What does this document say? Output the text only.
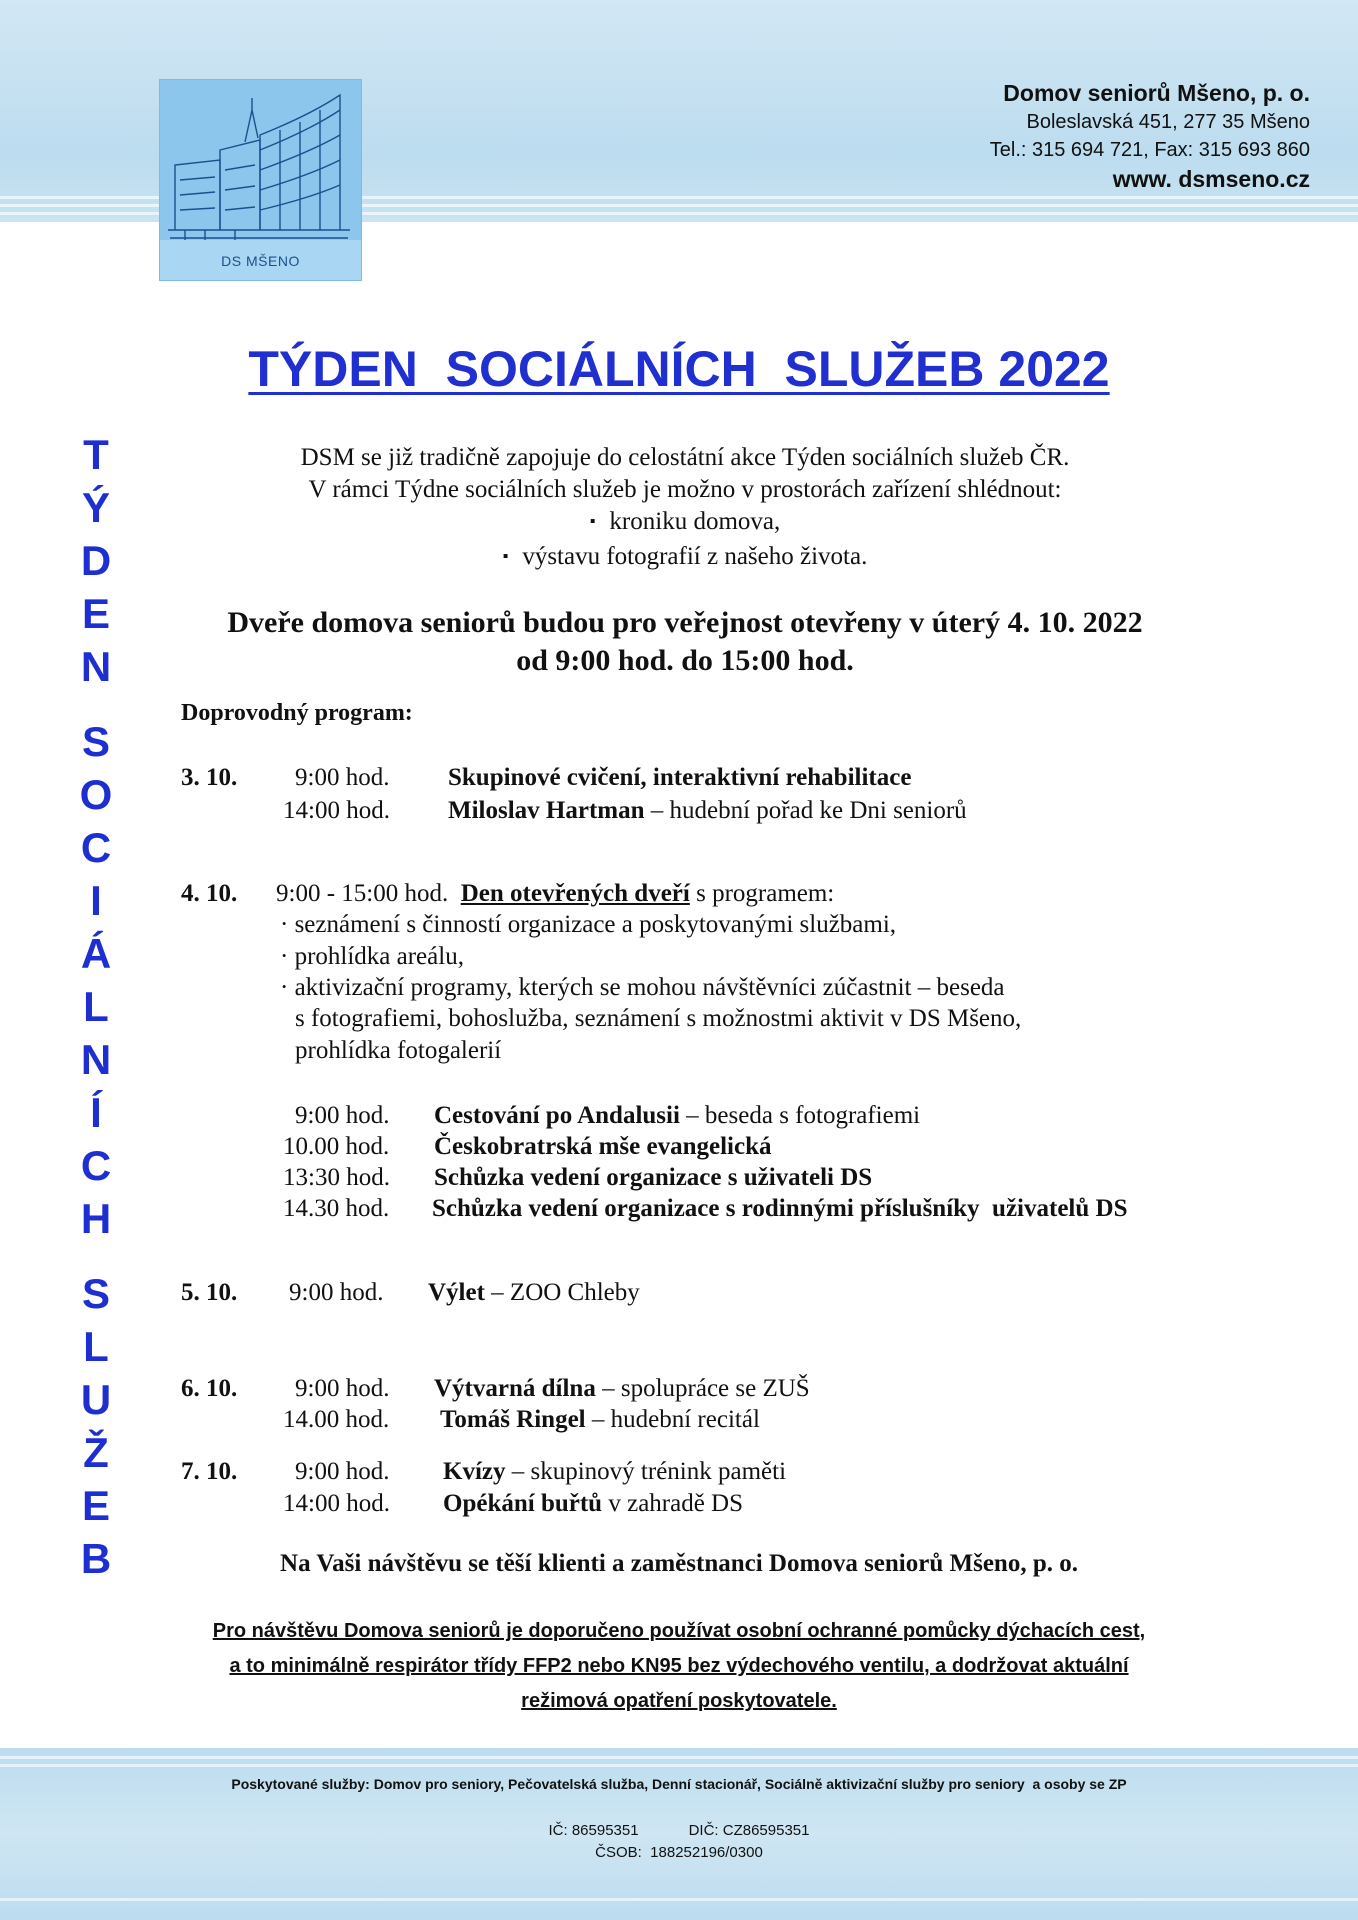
DS MŠENO
Domov seniorů Mšeno, p. o.
Boleslavská 451, 277 35 Mšeno
Tel.: 315 694 721, Fax: 315 693 860
www. dsmseno.cz
T
Ý
D
E
N
S
O
C
I
Á
L
N
Í
C
H
S
L
U
Ž
E
B
TÝDEN  SOCIÁLNÍCH  SLUŽEB 2022
DSM se již tradičně zapojuje do celostátní akce Týden sociálních služeb ČR.
V rámci Týdne sociálních služeb je možno v prostorách zařízení shlédnout:
▪ kroniku domova,
▪ výstavu fotografií z našeho života.
Dveře domova seniorů budou pro veřejnost otevřeny v úterý 4. 10. 2022
od 9:00 hod. do 15:00 hod.
Doprovodný program:
3. 10. 9:00 hod. Skupinové cvičení, interaktivní rehabilitace
14:00 hod. Miloslav Hartman – hudební pořad ke Dni seniorů
4. 10. 9:00 - 15:00 hod. Den otevřených dveří s programem:
· seznámení s činností organizace a poskytovanými službami,
· prohlídka areálu,
· aktivizační programy, kterých se mohou návštěvníci zúčastnit – beseda
s fotografiemi, bohoslužba, seznámení s možnostmi aktivit v DS Mšeno,
prohlídka fotogalerií
9:00 hod. Cestování po Andalusii – beseda s fotografiemi
10.00 hod. Českobratrská mše evangelická
13:30 hod. Schůzka vedení organizace s uživateli DS
14.30 hod. Schůzka vedení organizace s rodinnými příslušníky  uživatelů DS
5. 10. 9:00 hod. Výlet – ZOO Chleby
6. 10. 9:00 hod. Výtvarná dílna – spolupráce se ZUŠ
14.00 hod. Tomáš Ringel – hudební recitál
7. 10. 9:00 hod. Kvízy – skupinový trénink paměti
14:00 hod. Opékání buřtů v zahradě DS
Na Vaši návštěvu se těší klienti a zaměstnanci Domova seniorů Mšeno, p. o.
Pro návštěvu Domova seniorů je doporučeno používat osobní ochranné pomůcky dýchacích cest,
a to minimálně respirátor třídy FFP2 nebo KN95 bez výdechového ventilu, a dodržovat aktuální
režimová opatření poskytovatele.
Poskytované služby: Domov pro seniory, Pečovatelská služba, Denní stacionář, Sociálně aktivizační služby pro seniory  a osoby se ZP
IČ: 86595351	DIČ: CZ86595351
ČSOB:  188252196/0300
